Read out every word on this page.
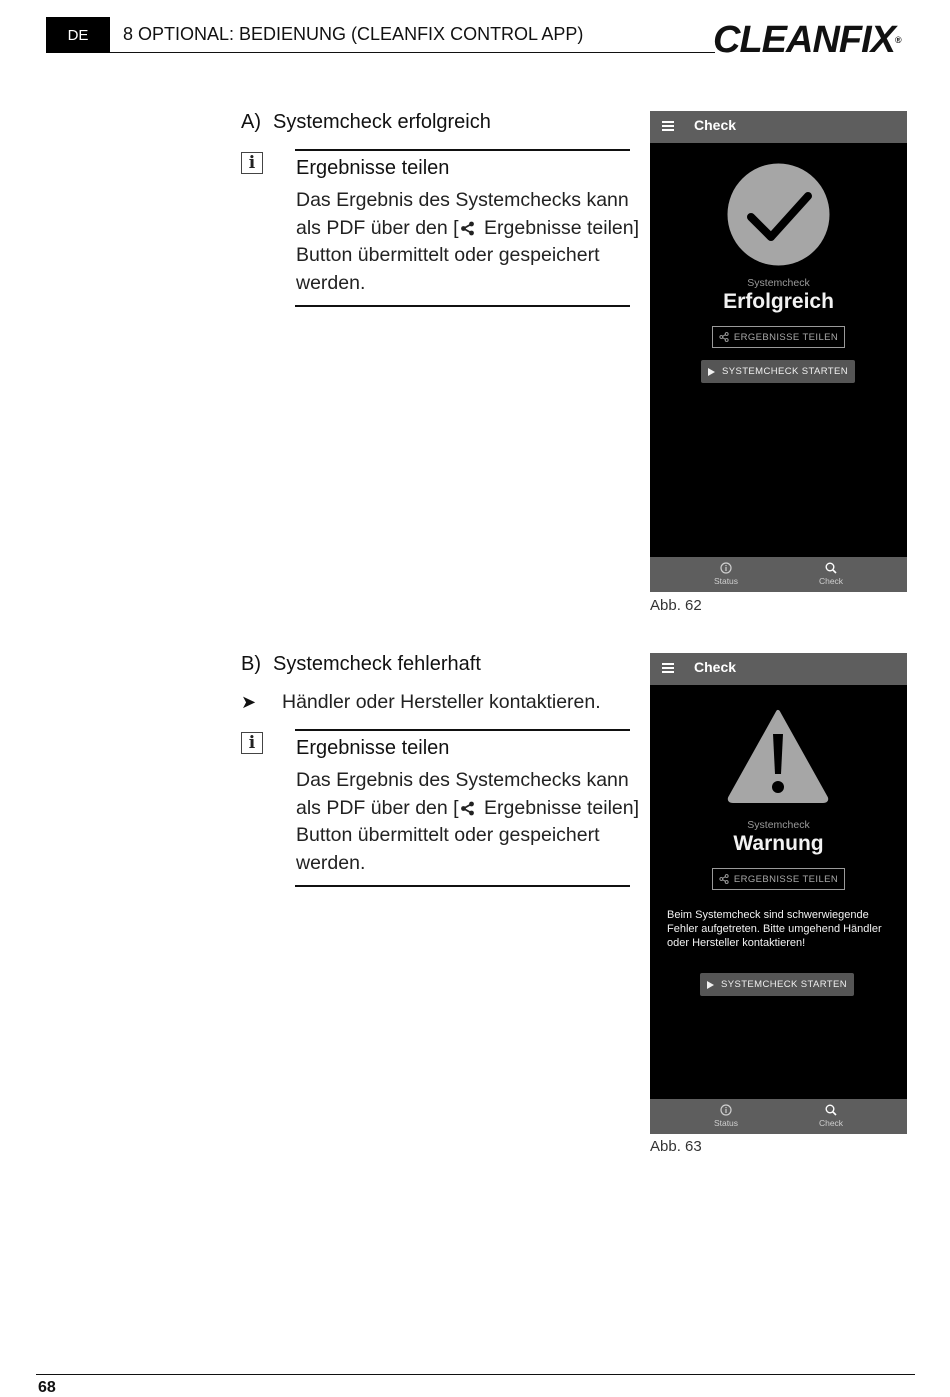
DE	8 OPTIONAL: BEDIENUNG (CLEANFIX CONTROL APP)	CLEANFIX®
A) Systemcheck erfolgreich
i	Ergebnisse teilen
Das Ergebnis des Systemchecks kann als PDF über den [ Ergebnisse teilen] Button übermittelt oder gespeichert werden.
Check
Systemcheck
Erfolgreich
ERGEBNISSE TEILEN
SYSTEMCHECK STARTEN
Status	Check
Abb. 62
B) Systemcheck fehlerhaft
➤ Händler oder Hersteller kontaktieren.
i	Ergebnisse teilen
Das Ergebnis des Systemchecks kann als PDF über den [ Ergebnisse teilen] Button übermittelt oder gespeichert werden.
Check
Systemcheck
Warnung
ERGEBNISSE TEILEN
Beim Systemcheck sind schwerwiegende Fehler aufgetreten. Bitte umgehend Händler oder Hersteller kontaktieren!
SYSTEMCHECK STARTEN
Status	Check
Abb. 63
68
